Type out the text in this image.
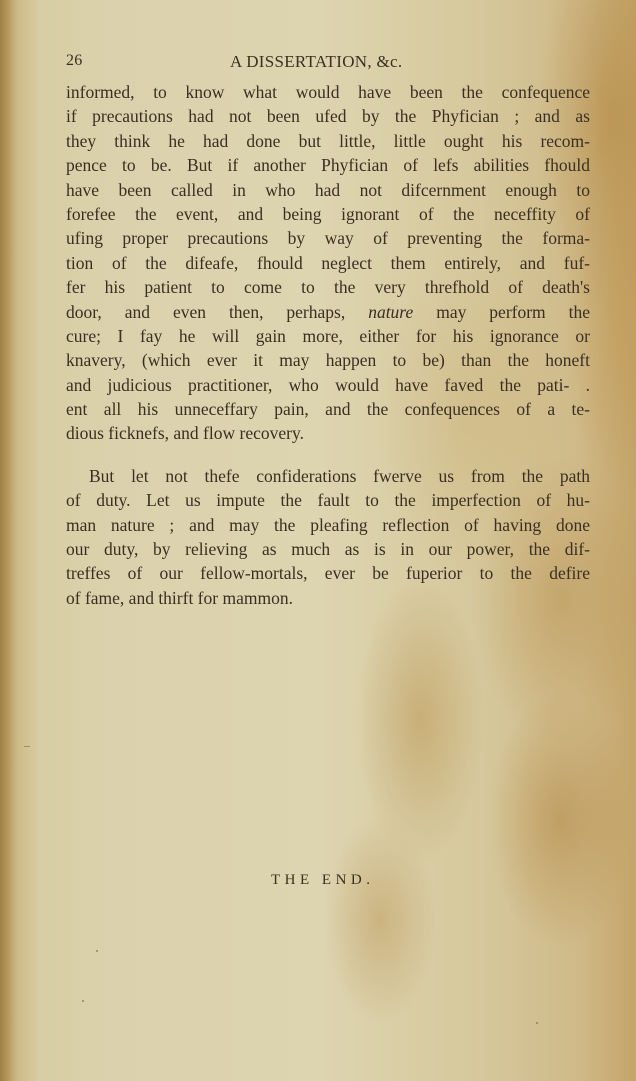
26	A DISSERTATION, &c.
informed, to know what would have been the confequence
if precautions had not been ufed by the Phyfician ; and as
they think he had done but little, little ought his recom-
pence to be. But if another Phyfician of lefs abilities fhould
have been called in who had not difcernment enough to
forefee the event, and being ignorant of the neceffity of
ufing proper precautions by way of preventing the forma-
tion of the difeafe, fhould neglect them entirely, and fuf-
fer his patient to come to the very threfhold of death's
door, and even then, perhaps, nature may perform the
cure; I fay he will gain more, either for his ignorance or
knavery, (which ever it may happen to be) than the honeft
and judicious practitioner, who would have faved the pati- .
ent all his unneceffary pain, and the confequences of a te-
dious ficknefs, and flow recovery.
But let not thefe confiderations fwerve us from the path
of duty. Let us impute the fault to the imperfection of hu-
man nature ; and may the pleafing reflection of having done
our duty, by relieving as much as is in our power, the dif-
treffes of our fellow-mortals, ever be fuperior to the defire
of fame, and thirft for mammon.
THE END.
